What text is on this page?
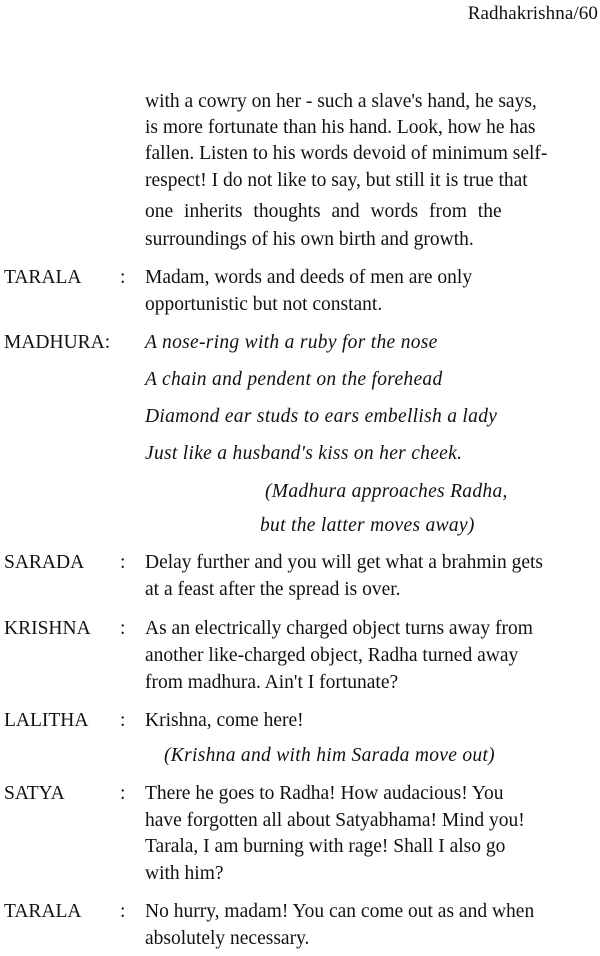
Radhakrishna/60
with a cowry on her - such a slave's hand, he says,
is more fortunate than his hand. Look, how he has
fallen. Listen to his words devoid of minimum self-
respect! I do not like to say, but still it is true that
one inherits thoughts and words from the
surroundings of his own birth and growth.
TARALA : Madam, words and deeds of men are only
opportunistic but not constant.
MADHURA: A nose-ring with a ruby for the nose
A chain and pendent on the forehead
Diamond ear studs to ears embellish a lady
Just like a husband's kiss on her cheek.
(Madhura approaches Radha,
but the latter moves away)
SARADA : Delay further and you will get what a brahmin gets
at a feast after the spread is over.
KRISHNA : As an electrically charged object turns away from
another like-charged object, Radha turned away
from madhura. Ain't I fortunate?
LALITHA : Krishna, come here!
(Krishna and with him Sarada move out)
SATYA	: There he goes to Radha! How audacious! You
have forgotten all about Satyabhama! Mind you!
Tarala, I am burning with rage! Shall I also go
with him?
TARALA : No hurry, madam! You can come out as and when
absolutely necessary.
